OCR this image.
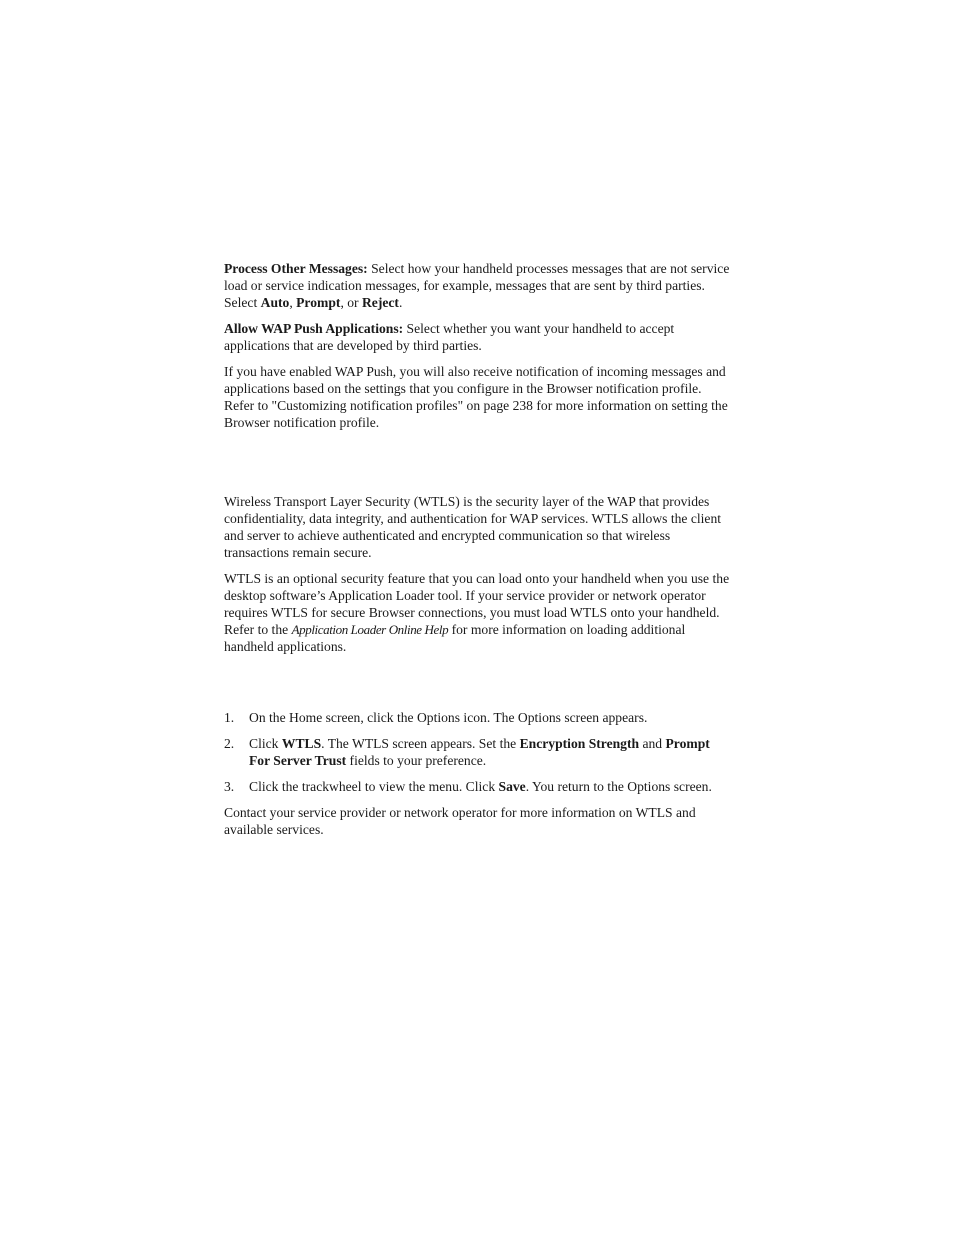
Process Other Messages: Select how your handheld processes messages that are not service load or service indication messages, for example, messages that are sent by third parties. Select Auto, Prompt, or Reject.

Allow WAP Push Applications: Select whether you want your handheld to accept applications that are developed by third parties.

If you have enabled WAP Push, you will also receive notification of incoming messages and applications based on the settings that you configure in the Browser notification profile. Refer to "Customizing notification profiles" on page 238 for more information on setting the Browser notification profile.

Wireless Transport Layer Security (WTLS) is the security layer of the WAP that provides confidentiality, data integrity, and authentication for WAP services. WTLS allows the client and server to achieve authenticated and encrypted communication so that wireless transactions remain secure.

WTLS is an optional security feature that you can load onto your handheld when you use the desktop software’s Application Loader tool. If your service provider or network operator requires WTLS for secure Browser connections, you must load WTLS onto your handheld. Refer to the Application Loader Online Help for more information on loading additional handheld applications.

1. On the Home screen, click the Options icon. The Options screen appears.
2. Click WTLS. The WTLS screen appears. Set the Encryption Strength and Prompt For Server Trust fields to your preference.
3. Click the trackwheel to view the menu. Click Save. You return to the Options screen.

Contact your service provider or network operator for more information on WTLS and available services.
